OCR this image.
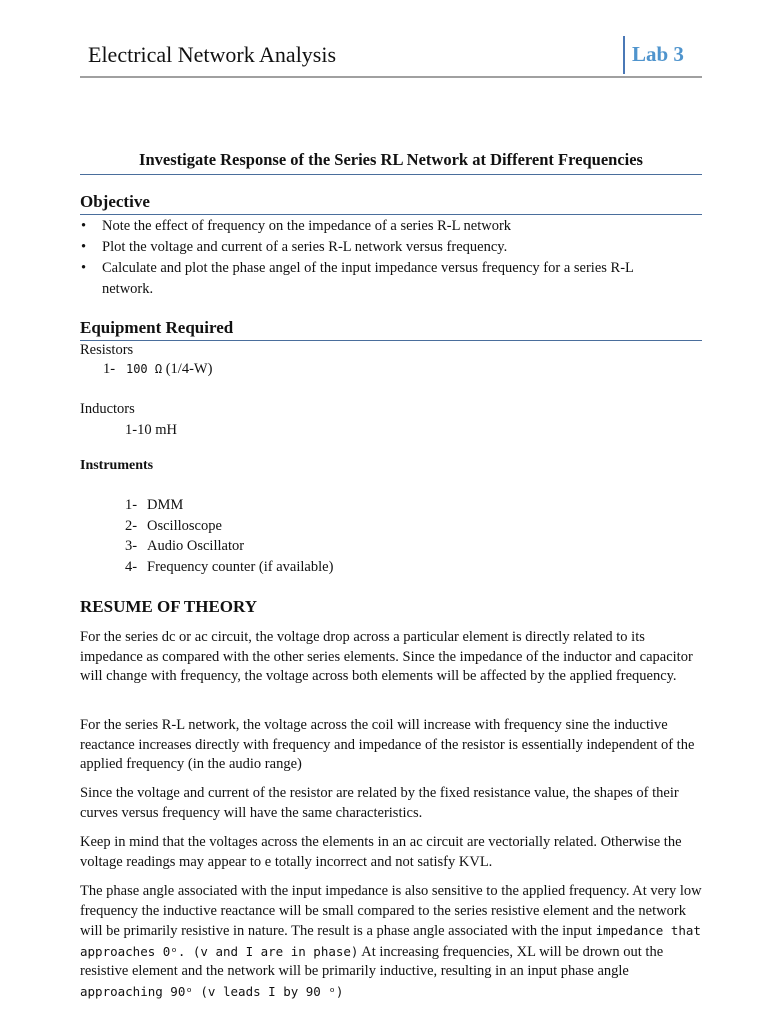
Electrical Network Analysis	Lab 3
Investigate Response of the Series RL Network at Different Frequencies
Objective
• Note the effect of frequency on the impedance of a series R-L network
• Plot the voltage and current of a series R-L network versus frequency.
• Calculate and plot the phase angel of the input impedance versus frequency for a series R-L network.
Equipment Required
Resistors
1- 100 Ω (1/4-W)
Inductors
1-10 mH
Instruments
1- DMM
2- Oscilloscope
3- Audio Oscillator
4- Frequency counter (if available)
RESUME OF THEORY

For the series dc or ac circuit, the voltage drop across a particular element is directly related to its impedance as compared with the other series elements. Since the impedance of the inductor and capacitor will change with frequency, the voltage across both elements will be affected by the applied frequency.

For the series R-L network, the voltage across the coil will increase with frequency sine the inductive reactance increases directly with frequency and impedance of the resistor is essentially independent of the applied frequency (in the audio range)

Since the voltage and current of the resistor are related by the fixed resistance value, the shapes of their curves versus frequency will have the same characteristics.

Keep in mind that the voltages across the elements in an ac circuit are vectorially related. Otherwise the voltage readings may appear to e totally incorrect and not satisfy KVL.

The phase angle associated with the input impedance is also sensitive to the applied frequency. At very low frequency the inductive reactance will be small compared to the series resistive element and the network will be primarily resistive in nature. The result is a phase angle associated with the input impedance that approaches 0ᵒ. (v and I are in phase) At increasing frequencies, XL will be drown out the resistive element and the network will be primarily inductive, resulting in an input phase angle approaching 90ᵒ (v leads I by 90 ᵒ)
